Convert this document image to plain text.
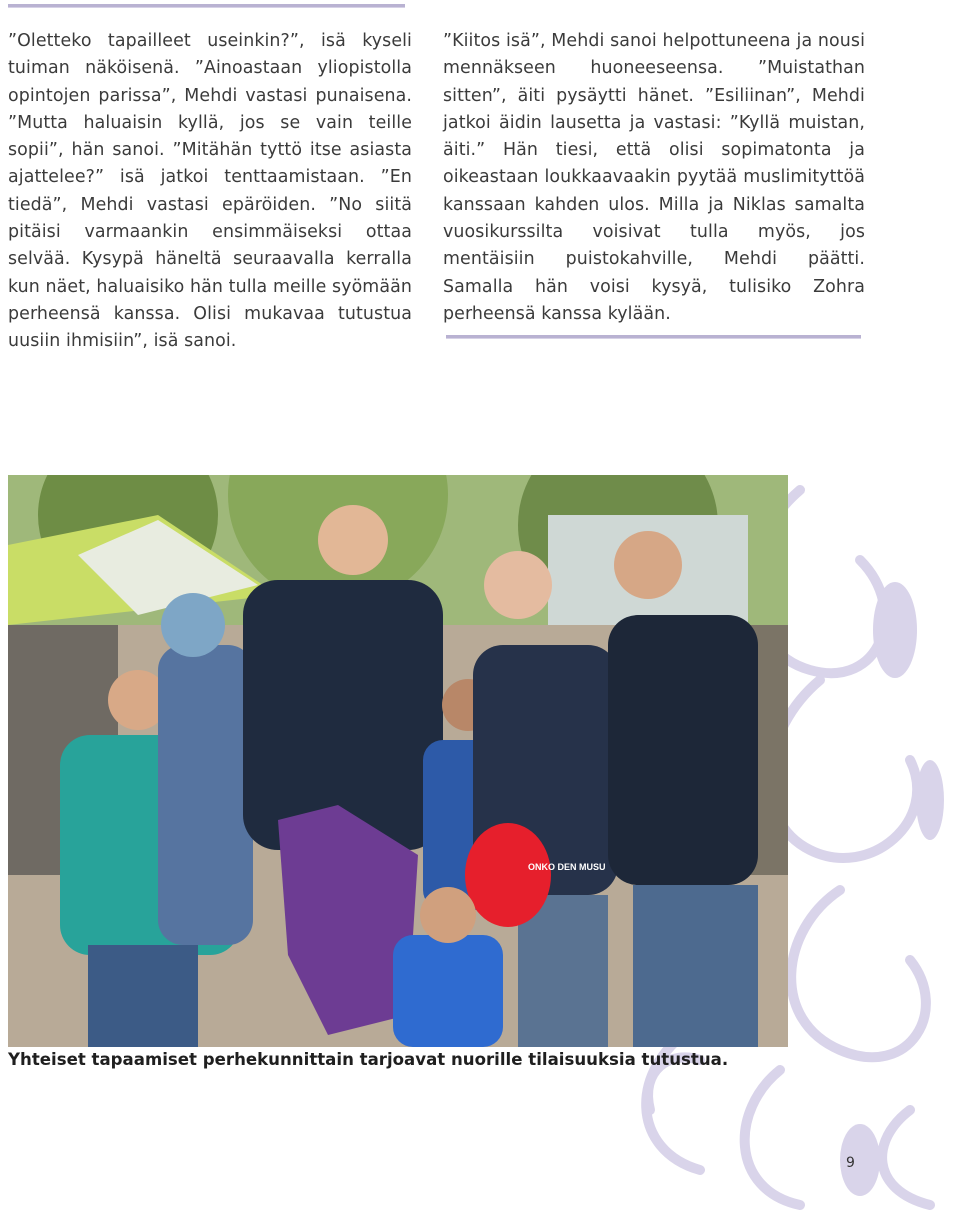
”Oletteko tapailleet useinkin?”, isä kyseli tuiman näköisenä. ”Ainoastaan yliopistolla opintojen parissa”, Mehdi vastasi punaisena. ”Mutta haluaisin kyllä, jos se vain teille sopii”, hän sanoi. ”Mitähän tyttö itse asiasta ajattelee?” isä jatkoi tenttaamistaan. ”En tiedä”, Mehdi vastasi epäröiden. ”No siitä pitäisi varmaankin ensimmäiseksi ottaa selvää. Kysypä häneltä seuraavalla kerralla kun näet, haluaisiko hän tulla meille syömään perheensä kanssa. Olisi mukavaa tutustua uusiin ihmisiin”, isä sanoi.

”Kiitos isä”, Mehdi sanoi helpottuneena ja nousi mennäkseen huoneeseensa. ”Muistathan sitten”, äiti pysäytti hänet. ”Esiliinan”, Mehdi jatkoi äidin lausetta ja vastasi: ”Kyllä muistan, äiti.” Hän tiesi, että olisi sopimatonta ja oikeastaan loukkaavaakin pyytää muslimityttöä kanssaan kahden ulos. Milla ja Niklas samalta vuosikurssilta voisivat tulla myös, jos mentäisiin puistokahville, Mehdi päätti. Samalla hän voisi kysyä, tulisiko Zohra perheensä kanssa kylään.

ONKO DEN MUSU
Yhteiset tapaamiset perhekunnittain tarjoavat nuorille tilaisuuksia tutustua.
9
